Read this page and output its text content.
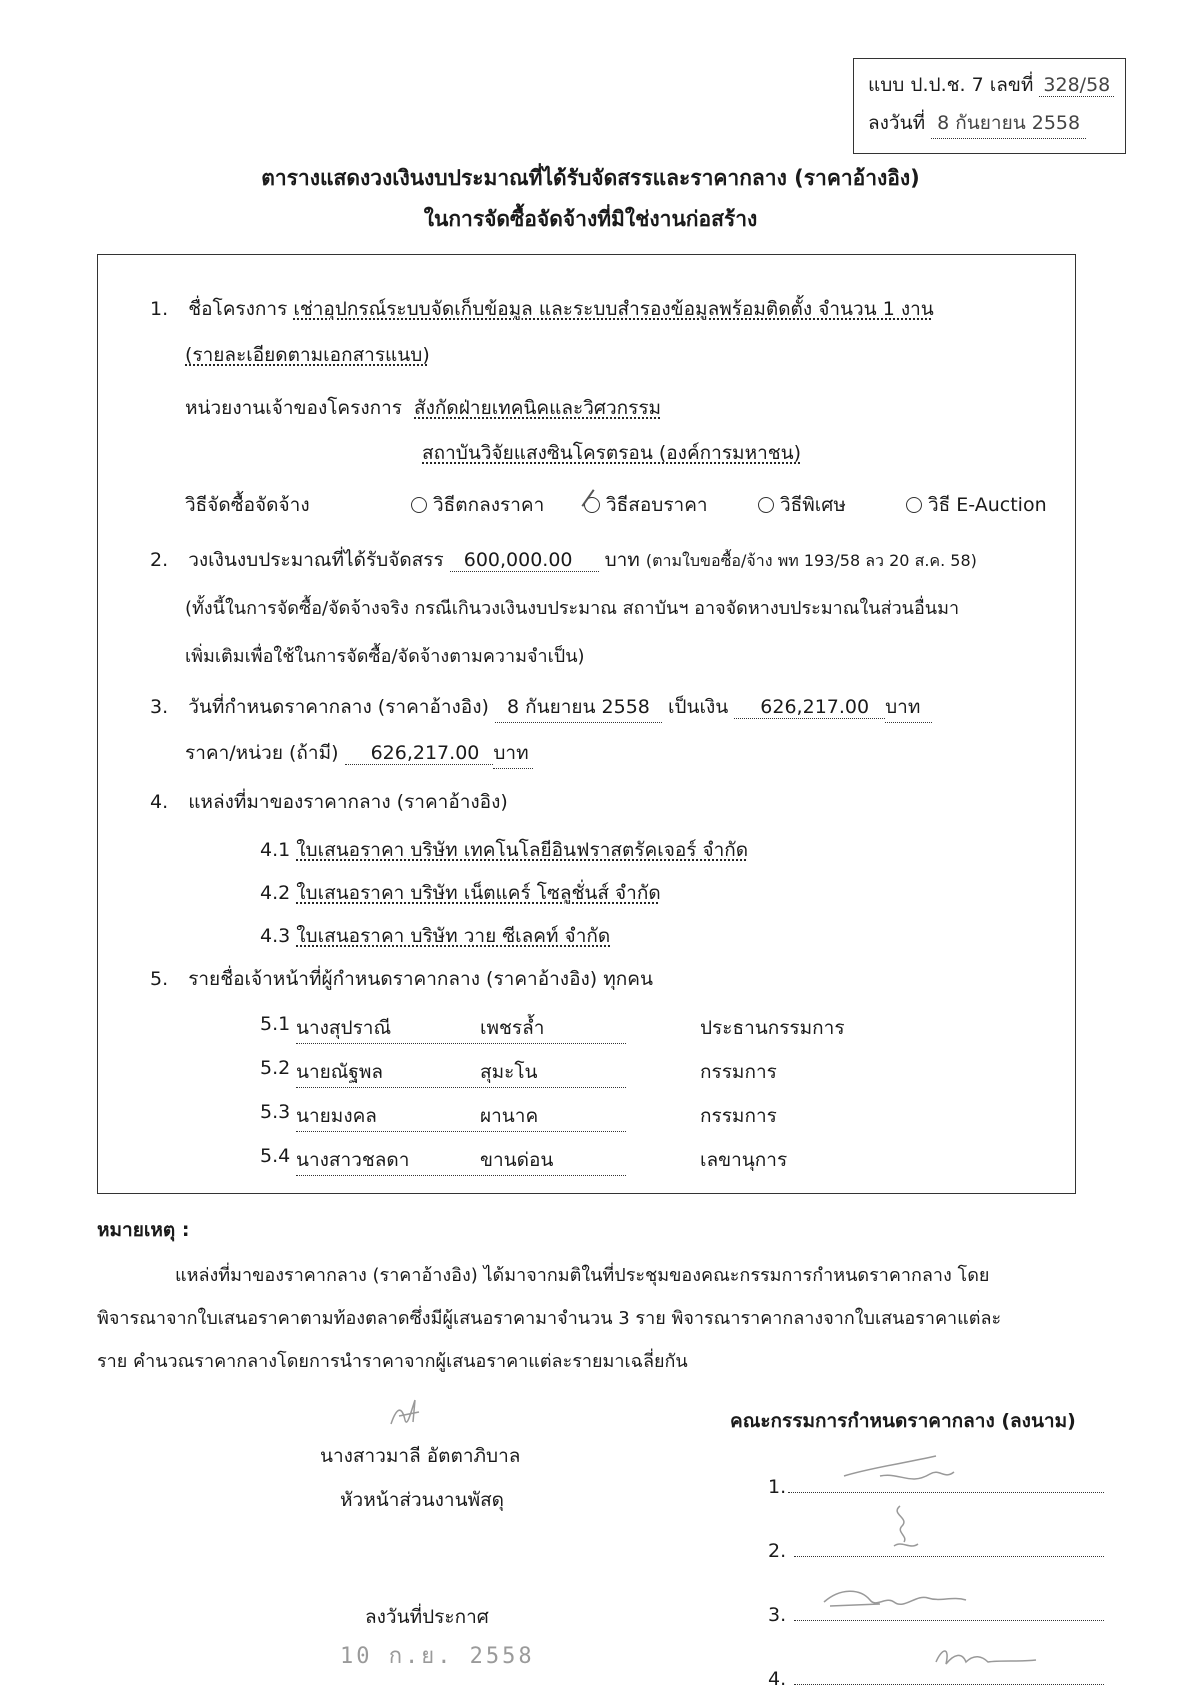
แบบ ป.ป.ช. 7 เลขที่ 328/58
ลงวันที่ 8 กันยายน 2558
ตารางแสดงวงเงินงบประมาณที่ได้รับจัดสรรและราคากลาง (ราคาอ้างอิง)
ในการจัดซื้อจัดจ้างที่มิใช่งานก่อสร้าง
1. ชื่อโครงการ เช่าอุปกรณ์ระบบจัดเก็บข้อมูล และระบบสำรองข้อมูลพร้อมติดตั้ง จำนวน 1 งาน
(รายละเอียดตามเอกสารแนบ)
หน่วยงานเจ้าของโครงการ สังกัดฝ่ายเทคนิคและวิศวกรรม
สถาบันวิจัยแสงซินโครตรอน (องค์การมหาชน)
วิธีจัดซื้อจัดจ้าง	วิธีตกลงราคา	วิธีสอบราคา	วิธีพิเศษ	วิธี E-Auction
2. วงเงินงบประมาณที่ได้รับจัดสรร 600,000.00 บาท (ตามใบขอซื้อ/จ้าง พท 193/58 ลว 20 ส.ค. 58)
(ทั้งนี้ในการจัดซื้อ/จัดจ้างจริง กรณีเกินวงเงินงบประมาณ สถาบันฯ อาจจัดหางบประมาณในส่วนอื่นมา
เพิ่มเติมเพื่อใช้ในการจัดซื้อ/จัดจ้างตามความจำเป็น)
3. วันที่กำหนดราคากลาง (ราคาอ้างอิง) 8 กันยายน 2558 เป็นเงิน 626,217.00 บาท
ราคา/หน่วย (ถ้ามี) 626,217.00 บาท
4. แหล่งที่มาของราคากลาง (ราคาอ้างอิง)
4.1 ใบเสนอราคา บริษัท เทคโนโลยีอินฟราสตรัคเจอร์ จำกัด
4.2 ใบเสนอราคา บริษัท เน็ตแคร์ โซลูชั่นส์ จำกัด
4.3 ใบเสนอราคา บริษัท วาย ซีเลคท์ จำกัด
5. รายชื่อเจ้าหน้าที่ผู้กำหนดราคากลาง (ราคาอ้างอิง) ทุกคน
5.1 นางสุปราณี	เพชรล้ำ	ประธานกรรมการ
5.2 นายณัฐพล	สุมะโน	กรรมการ
5.3 นายมงคล	ผานาค	กรรมการ
5.4 นางสาวชลดา	ขานด่อน	เลขานุการ
หมายเหตุ :
แหล่งที่มาของราคากลาง (ราคาอ้างอิง) ได้มาจากมติในที่ประชุมของคณะกรรมการกำหนดราคากลาง โดย
พิจารณาจากใบเสนอราคาตามท้องตลาดซึ่งมีผู้เสนอราคามาจำนวน 3 ราย พิจารณาราคากลางจากใบเสนอราคาแต่ละ
ราย คำนวณราคากลางโดยการนำราคาจากผู้เสนอราคาแต่ละรายมาเฉลี่ยกัน
นางสาวมาลี อัตตาภิบาล
หัวหน้าส่วนงานพัสดุ
ลงวันที่ประกาศ
10 ก.ย. 2558
คณะกรรมการกำหนดราคากลาง (ลงนาม)
1.
2.
3.
4.
